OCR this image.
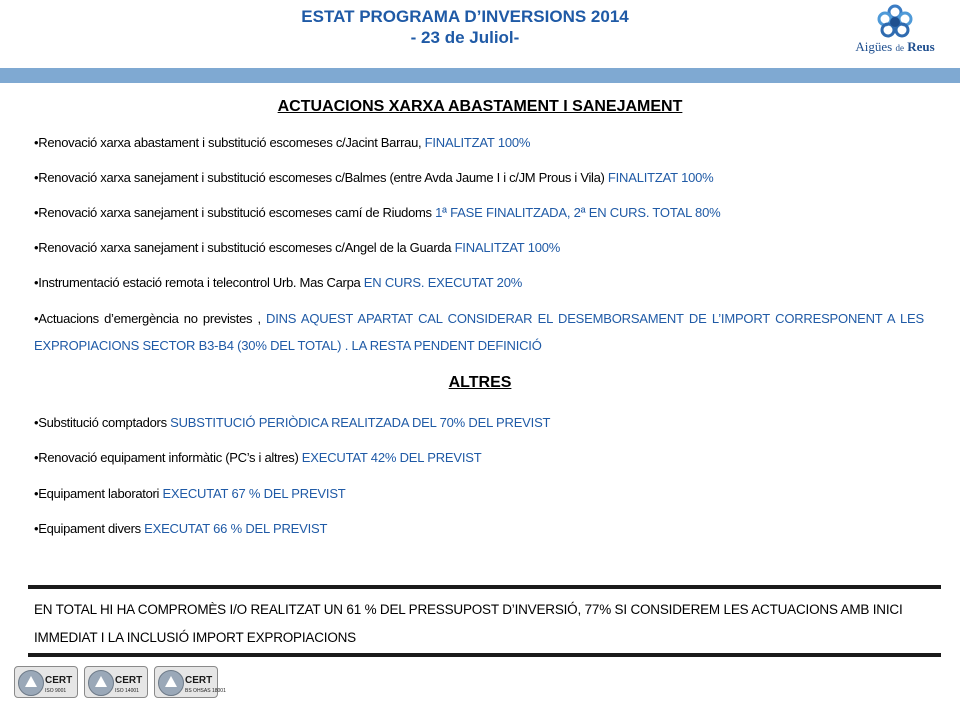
ESTAT PROGRAMA D’INVERSIONS 2014
- 23 de Juliol-	Aigües de Reus
ACTUACIONS XARXA ABASTAMENT I SANEJAMENT
•Renovació xarxa abastament i substitució escomeses c/Jacint Barrau, FINALITZAT 100%
•Renovació xarxa sanejament i substitució escomeses c/Balmes (entre Avda Jaume I i c/JM Prous i Vila) FINALITZAT 100%
•Renovació xarxa sanejament i substitució escomeses camí de Riudoms 1ª FASE FINALITZADA, 2ª EN CURS. TOTAL 80%
•Renovació xarxa sanejament i substitució escomeses c/Angel de la Guarda FINALITZAT 100%
•Instrumentació estació remota i telecontrol Urb. Mas Carpa EN CURS. EXECUTAT 20%
•Actuacions d’emergència no previstes , DINS AQUEST APARTAT CAL CONSIDERAR EL DESEMBORSAMENT DE L’IMPORT CORRESPONENT A LES EXPROPIACIONS SECTOR B3-B4 (30% DEL TOTAL) . LA RESTA PENDENT DEFINICIÓ
ALTRES
•Substitució comptadors SUBSTITUCIÓ PERIÒDICA REALITZADA DEL 70% DEL PREVIST
•Renovació equipament informàtic (PC’s i altres) EXECUTAT 42% DEL PREVIST
•Equipament laboratori EXECUTAT 67 % DEL PREVIST
•Equipament divers EXECUTAT 66 % DEL PREVIST
EN TOTAL HI HA COMPROMÈS I/O REALITZAT UN 61 % DEL PRESSUPOST D’INVERSIÓ, 77% SI CONSIDEREM LES ACTUACIONS AMB INICI IMMEDIAT I LA INCLUSIÓ IMPORT EXPROPIACIONS
CERT
ISO 9001
CERT
ISO 14001
CERT
BS OHSAS 18001
